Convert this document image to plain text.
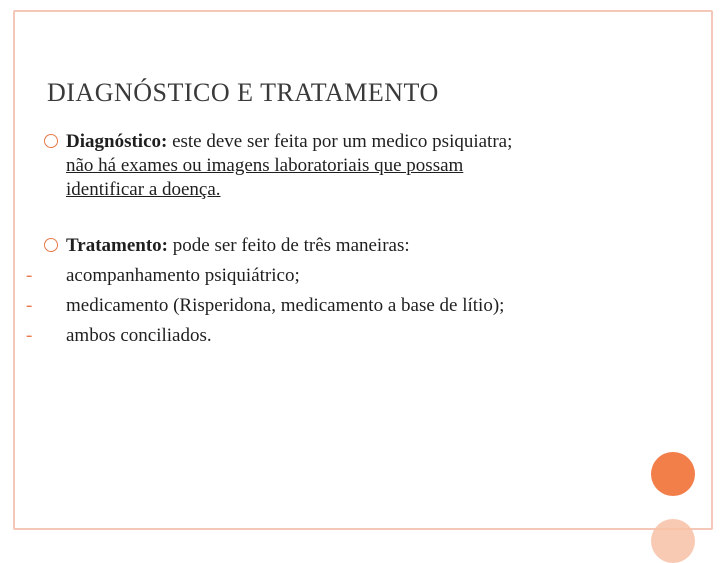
DIAGNÓSTICO E TRATAMENTO
Diagnóstico: este deve ser feita por um medico psiquiatra;
não há exames ou imagens laboratoriais que possam
identificar a doença.
Tratamento: pode ser feito de três maneiras:
- acompanhamento psiquiátrico;
- medicamento (Risperidona, medicamento a base de lítio);
- ambos conciliados.
